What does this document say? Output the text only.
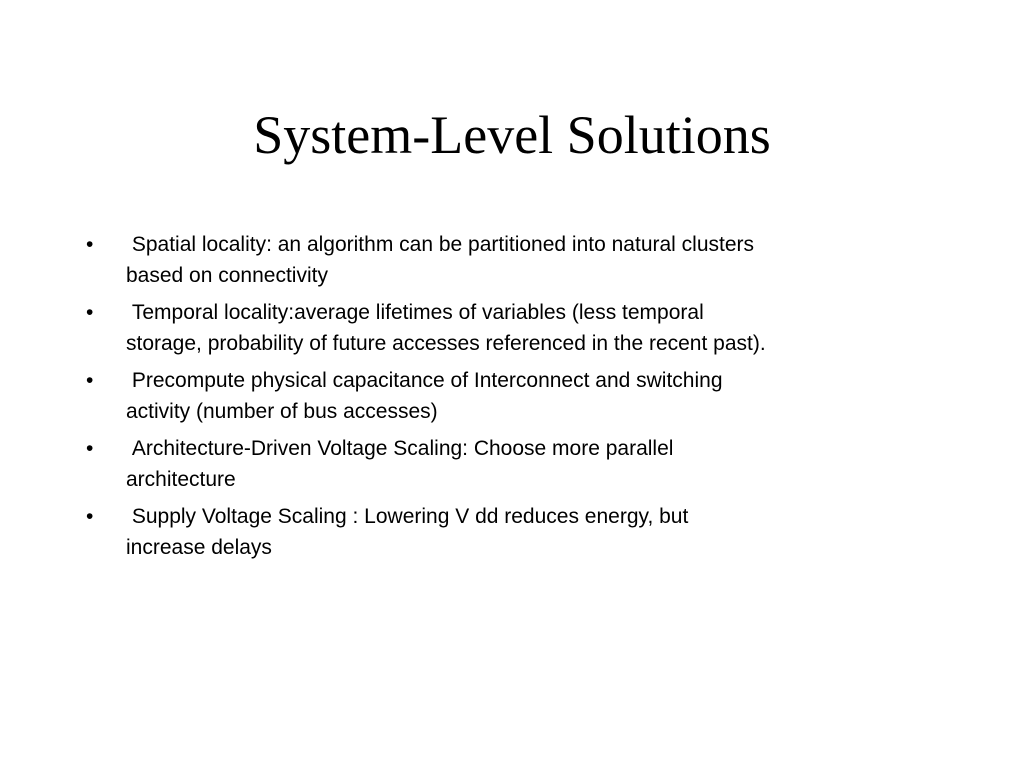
System-Level Solutions
• Spatial locality: an algorithm can be partitioned into natural clusters
based on connectivity
• Temporal locality:average lifetimes of variables (less temporal
storage, probability of future accesses referenced in the recent past).
• Precompute physical capacitance of Interconnect and switching
activity (number of bus accesses)
• Architecture-Driven Voltage Scaling: Choose more parallel
architecture
• Supply Voltage Scaling : Lowering V dd reduces energy, but
increase delays
